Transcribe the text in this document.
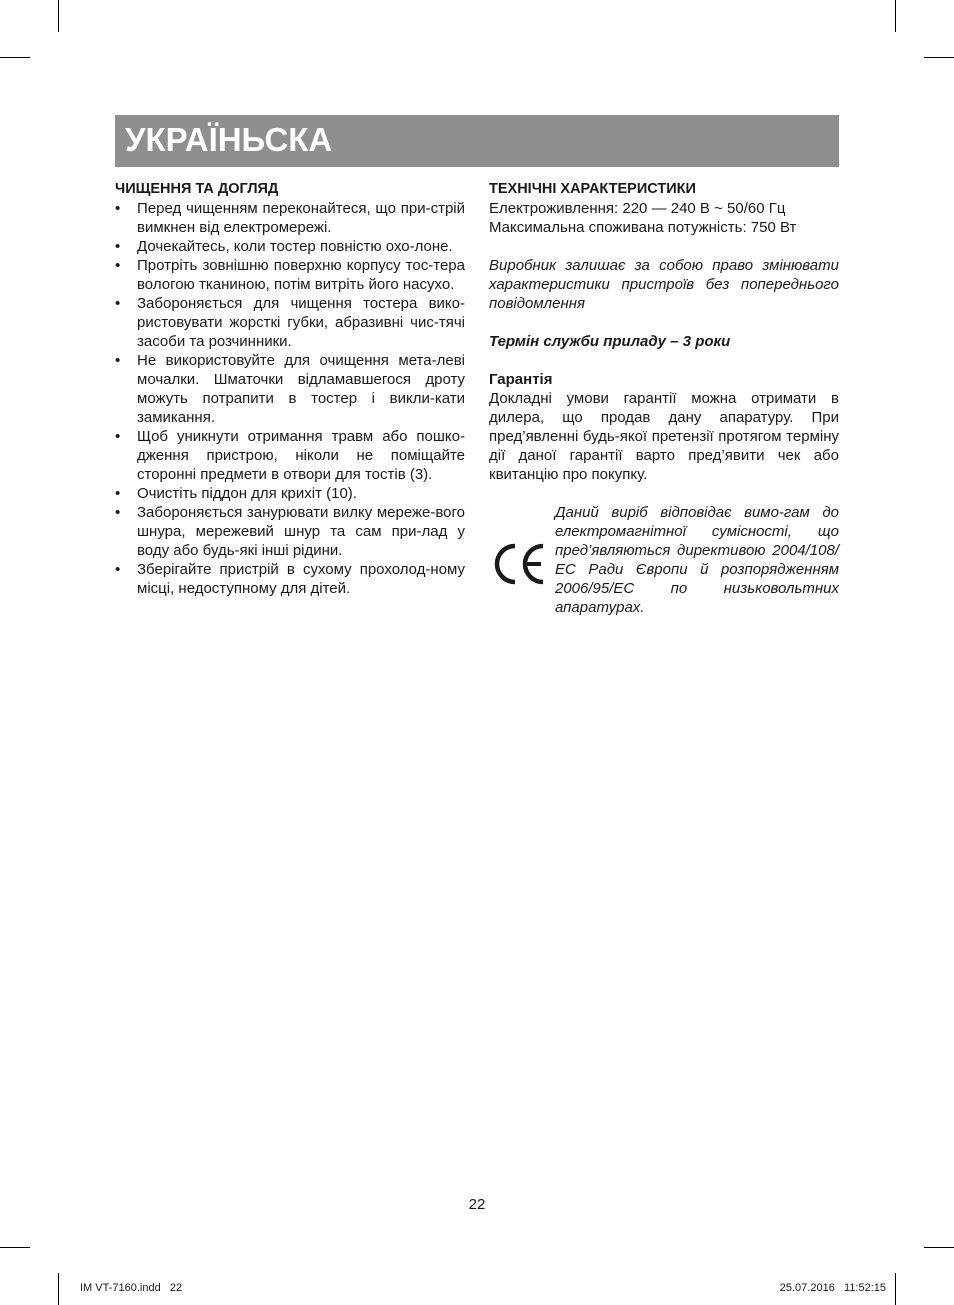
УКРАЇНЬСКА

ЧИЩЕННЯ ТА ДОГЛЯД

• Перед чищенням переконайтеся, що при-стрій вимкнен від електромережі.
• Дочекайтесь, коли тостер повністю охо-лоне.
• Протріть зовнішню поверхню корпусу тос-тера вологою тканиною, потім витріть його насухо.
• Забороняється для чищення тостера вико-ристовувати жорсткі губки, абразивні чис-тячі засоби та розчинники.
• Не використовуйте для очищення мета-леві мочалки. Шматочки відламавшегося дроту можуть потрапити в тостер і викли-кати замикання.
• Щоб уникнути отримання травм або пошко-дження пристрою, ніколи не поміщайте сторонні предмети в отвори для тостів (3).
• Очистіть піддон для крихіт (10).
• Забороняється занурювати вилку мереже-вого шнура, мережевий шнур та сам при-лад у воду або будь-які інші рідини.
• Зберігайте пристрій в сухому прохолод-ному місці, недоступному для дітей.

ТЕХНІЧНІ ХАРАКТЕРИСТИКИ

Електроживлення: 220 — 240 В ~ 50/60 Гц

Максимальна споживана потужність: 750 Вт

Виробник залишає за собою право змінювати характеристики пристроїв без попереднього повідомлення

Термін служби приладу – 3 роки

Гарантія

Докладні умови гарантії можна отримати в дилера, що продав дану апаратуру. При пред’явленні будь-якої претензії протягом терміну дії даної гарантії варто пред’явити чек або квитанцію про покупку.

Даний виріб відповідає вимо-гам до електромагнітної сумісності, що пред’являються директивою 2004/108/ЕС Ради Європи й розпорядженням 2006/95/ЕС по низьковольтних апаратурах.

22
IM VT-7160.indd   22	25.07.2016   11:52:15
